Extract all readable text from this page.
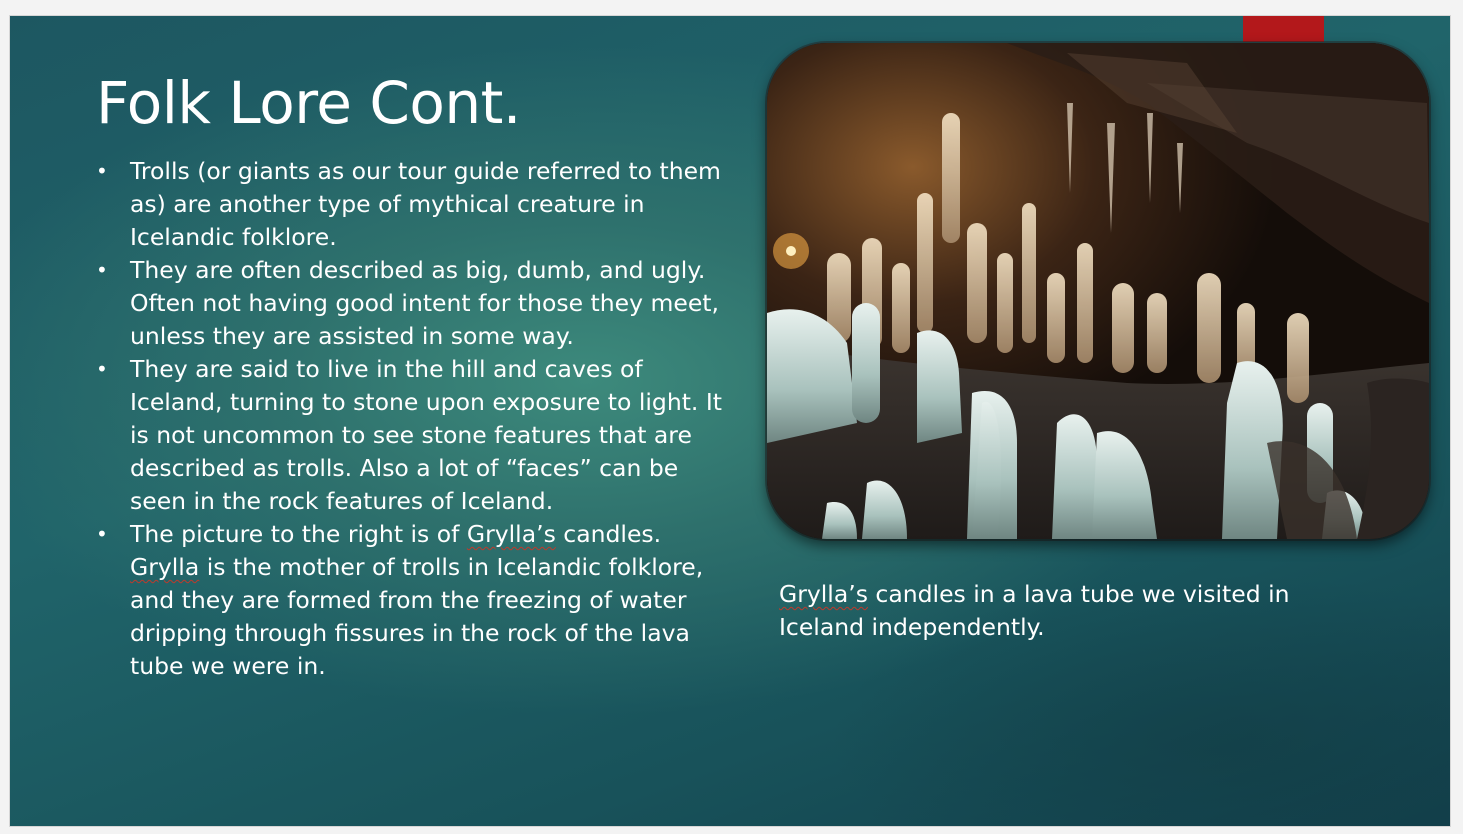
Folk Lore Cont.
• Trolls (or giants as our tour guide referred to them as) are another type of mythical creature in Icelandic folklore.
• They are often described as big, dumb, and ugly. Often not having good intent for those they meet, unless they are assisted in some way.
• They are said to live in the hill and caves of Iceland, turning to stone upon exposure to light. It is not uncommon to see stone features that are described as trolls. Also a lot of “faces” can be seen in the rock features of Iceland.
• The picture to the right is of Grylla’s candles. Grylla is the mother of trolls in Icelandic folklore, and they are formed from the freezing of water dripping through fissures in the rock of the lava tube we were in.

Grylla’s candles in a lava tube we visited in Iceland independently.
